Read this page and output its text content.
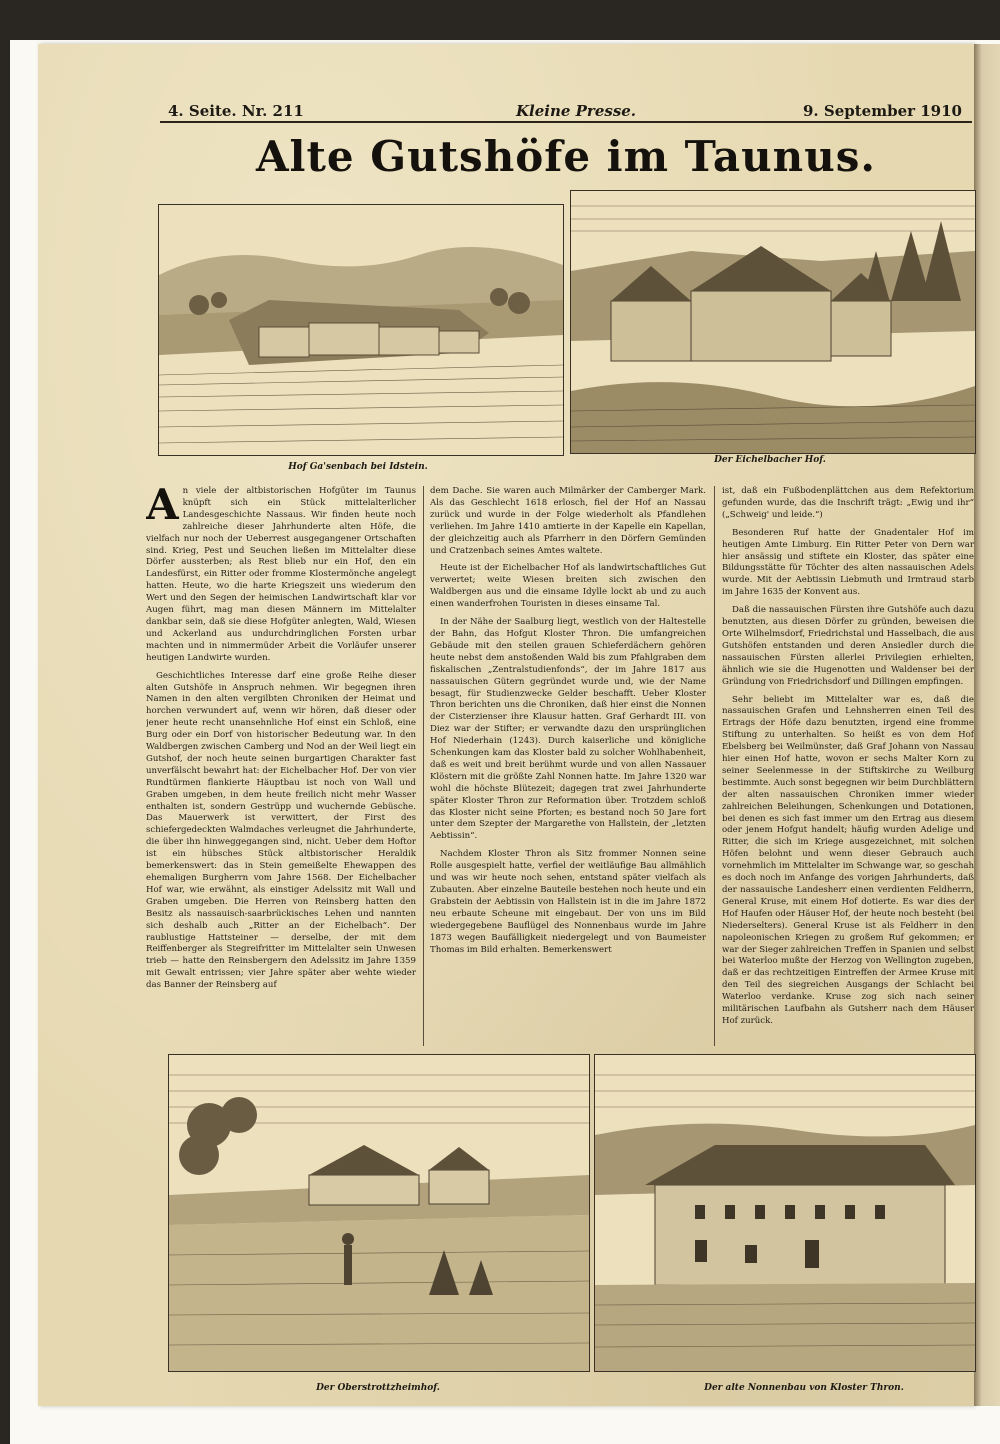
4. Seite. Nr. 211	Kleine Presse.	9. September 1910
Alte Gutshöfe im Taunus.
Hof Ga'senbach bei Idstein.
Der Eichelbacher Hof.

An viele der altbistorischen Hofgüter im Taunus knüpft sich ein Stück mittelalterlicher Landesgeschichte Nassaus. Wir finden heute noch zahlreiche dieser Jahrhunderte alten Höfe, die vielfach nur noch der Ueberrest ausgegangener Ortschaften sind. Krieg, Pest und Seuchen ließen im Mittelalter diese Dörfer aussterben; als Rest blieb nur ein Hof, den ein Landesfürst, ein Ritter oder fromme Klostermönche angelegt hatten. Heute, wo die harte Kriegszeit uns wiederum den Wert und den Segen der heimischen Landwirtschaft klar vor Augen führt, mag man diesen Männern im Mittelalter dankbar sein, daß sie diese Hofgüter anlegten, Wald, Wiesen und Ackerland aus undurchdringlichen Forsten urbar machten und in nimmermüder Arbeit die Vorläufer unserer heutigen Landwirte wurden.

Geschichtliches Interesse darf eine große Reihe dieser alten Gutshöfe in Anspruch nehmen. Wir begegnen ihren Namen in den alten vergilbten Chroniken der Heimat und horchen verwundert auf, wenn wir hören, daß dieser oder jener heute recht unansehnliche Hof einst ein Schloß, eine Burg oder ein Dorf von historischer Bedeutung war. In den Waldbergen zwischen Camberg und Nod an der Weil liegt ein Gutshof, der noch heute seinen burgartigen Charakter fast unverfälscht bewahrt hat: der Eichelbacher Hof. Der von vier Rundtürmen flankierte Häuptbau ist noch von Wall und Graben umgeben, in dem heute freilich nicht mehr Wasser enthalten ist, sondern Gestrüpp und wuchernde Gebüsche. Das Mauerwerk ist verwittert, der First des schiefergedeckten Walmdaches verleugnet die Jahrhunderte, die über ihn hinweggegangen sind, nicht. Ueber dem Hoftor ist ein hübsches Stück altbistorischer Heraldik bemerkenswert: das in Stein gemeißelte Ehewappen des ehemaligen Burgherrn vom Jahre 1568. Der Eichelbacher Hof war, wie erwähnt, als einstiger Adelssitz mit Wall und Graben umgeben. Die Herren von Reinsberg hatten den Besitz als nassauisch-saarbrückisches Lehen und nannten sich deshalb auch „Ritter an der Eichelbach“. Der raublustige Hattsteiner — derselbe, der mit dem Reiffenberger als Stegreifritter im Mittelalter sein Unwesen trieb — hatte den Reinsbergern den Adelssitz im Jahre 1359 mit Gewalt entrissen; vier Jahre später aber wehte wieder das Banner der Reinsberg auf

dem Dache. Sie waren auch Milmärker der Camberger Mark. Als das Geschlecht 1618 erlosch, fiel der Hof an Nassau zurück und wurde in der Folge wiederholt als Pfandlehen verliehen. Im Jahre 1410 amtierte in der Kapelle ein Kapellan, der gleichzeitig auch als Pfarrherr in den Dörfern Gemünden und Cratzenbach seines Amtes waltete.

Heute ist der Eichelbacher Hof als landwirtschaftliches Gut verwertet; weite Wiesen breiten sich zwischen den Waldbergen aus und die einsame Idylle lockt ab und zu auch einen wanderfrohen Touristen in dieses einsame Tal.

In der Nähe der Saalburg liegt, westlich von der Haltestelle der Bahn, das Hofgut Kloster Thron. Die umfangreichen Gebäude mit den steilen grauen Schieferdächern gehören heute nebst dem anstoßenden Wald bis zum Pfahlgraben dem fiskalischen „Zentralstudienfonds“, der im Jahre 1817 aus nassauischen Gütern gegründet wurde und, wie der Name besagt, für Studienzwecke Gelder beschafft. Ueber Kloster Thron berichten uns die Chroniken, daß hier einst die Nonnen der Cisterzienser ihre Klausur hatten. Graf Gerhardt III. von Diez war der Stifter; er verwandte dazu den ursprünglichen Hof Niederhain (1243). Durch kaiserliche und königliche Schenkungen kam das Kloster bald zu solcher Wohlhabenheit, daß es weit und breit berühmt wurde und von allen Nassauer Klöstern mit die größte Zahl Nonnen hatte. Im Jahre 1320 war wohl die höchste Blütezeit; dagegen trat zwei Jahrhunderte später Kloster Thron zur Reformation über. Trotzdem schloß das Kloster nicht seine Pforten; es bestand noch 50 Jare fort unter dem Szepter der Margarethe von Hallstein, der „letzten Aebtissin“.

Nachdem Kloster Thron als Sitz frommer Nonnen seine Rolle ausgespielt hatte, verfiel der weitläufige Bau allmählich und was wir heute noch sehen, entstand später vielfach als Zubauten. Aber einzelne Bauteile bestehen noch heute und ein Grabstein der Aebtissin von Hallstein ist in die im Jahre 1872 neu erbaute Scheune mit eingebaut. Der von uns im Bild wiedergegebene Bauflügel des Nonnenbaus wurde im Jahre 1873 wegen Baufälligkeit niedergelegt und von Baumeister Thomas im Bild erhalten. Bemerkenswert

ist, daß ein Fußbodenplättchen aus dem Refektorium gefunden wurde, das die Inschrift trägt: „Ewig und ihr“ („Schweig' und leide.“)

Besonderen Ruf hatte der Gnadentaler Hof im heutigen Amte Limburg. Ein Ritter Peter von Dern war hier ansässig und stiftete ein Kloster, das später eine Bildungsstätte für Töchter des alten nassauischen Adels wurde. Mit der Aebtissin Liebmuth und Irmtraud starb im Jahre 1635 der Konvent aus.

Daß die nassauischen Fürsten ihre Gutshöfe auch dazu benutzten, aus diesen Dörfer zu gründen, beweisen die Orte Wilhelmsdorf, Friedrichstal und Hasselbach, die aus Gutshöfen entstanden und deren Ansiedler durch die nassauischen Fürsten allerlei Privilegien erhielten, ähnlich wie sie die Hugenotten und Waldenser bei der Gründung von Friedrichsdorf und Dillingen empfingen.

Sehr beliebt im Mittelalter war es, daß die nassauischen Grafen und Lehnsherren einen Teil des Ertrags der Höfe dazu benutzten, irgend eine fromme Stiftung zu unterhalten. So heißt es von dem Hof Ebelsberg bei Weilmünster, daß Graf Johann von Nassau hier einen Hof hatte, wovon er sechs Malter Korn zu seiner Seelenmesse in der Stiftskirche zu Weilburg bestimmte. Auch sonst begegnen wir beim Durchblättern der alten nassauischen Chroniken immer wieder zahlreichen Beleihungen, Schenkungen und Dotationen, bei denen es sich fast immer um den Ertrag aus diesem oder jenem Hofgut handelt; häufig wurden Adelige und Ritter, die sich im Kriege ausgezeichnet, mit solchen Höfen belohnt und wenn dieser Gebrauch auch vornehmlich im Mittelalter im Schwange war, so geschah es doch noch im Anfange des vorigen Jahrhunderts, daß der nassauische Landesherr einen verdienten Feldherrn, General Kruse, mit einem Hof dotierte. Es war dies der Hof Haufen oder Häuser Hof, der heute noch besteht (bei Niederselters). General Kruse ist als Feldherr in den napoleonischen Kriegen zu großem Ruf gekommen; er war der Sieger zahlreichen Treffen in Spanien und selbst bei Waterloo mußte der Herzog von Wellington zugeben, daß er das rechtzeitigen Eintreffen der Armee Kruse mit den Teil des siegreichen Ausgangs der Schlacht bei Waterloo verdanke. Kruse zog sich nach seiner militärischen Laufbahn als Gutsherr nach dem Häuser Hof zurück.

Der Oberstrottzheimhof.	Der alte Nonnenbau von Kloster Thron.
